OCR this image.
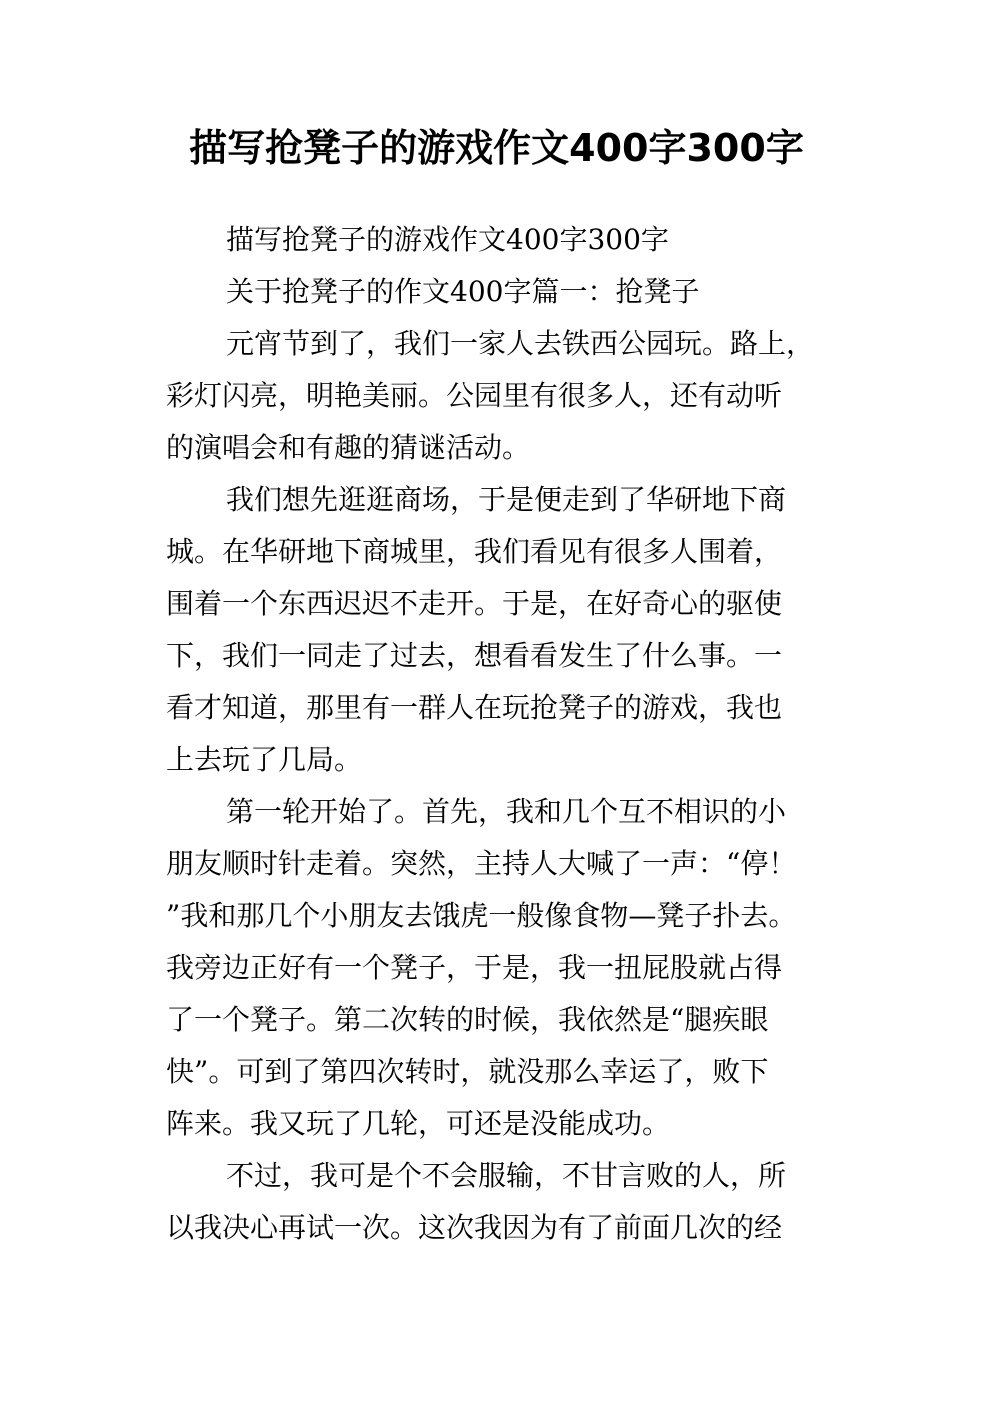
描写抢凳子的游戏作文400字300字
描写抢凳子的游戏作文400字300字
关于抢凳子的作文400字篇一：抢凳子
元宵节到了，我们一家人去铁西公园玩。路上，
彩灯闪亮，明艳美丽。公园里有很多人，还有动听
的演唱会和有趣的猜谜活动。
我们想先逛逛商场，于是便走到了华研地下商
城。在华研地下商城里，我们看见有很多人围着，
围着一个东西迟迟不走开。于是，在好奇心的驱使
下，我们一同走了过去，想看看发生了什么事。一
看才知道，那里有一群人在玩抢凳子的游戏，我也
上去玩了几局。
第一轮开始了。首先，我和几个互不相识的小
朋友顺时针走着。突然，主持人大喊了一声：“停！
”我和那几个小朋友去饿虎一般像食物—凳子扑去。
我旁边正好有一个凳子，于是，我一扭屁股就占得
了一个凳子。第二次转的时候，我依然是“腿疾眼
快”。可到了第四次转时，就没那么幸运了，败下
阵来。我又玩了几轮，可还是没能成功。
不过，我可是个不会服输，不甘言败的人，所
以我决心再试一次。这次我因为有了前面几次的经
